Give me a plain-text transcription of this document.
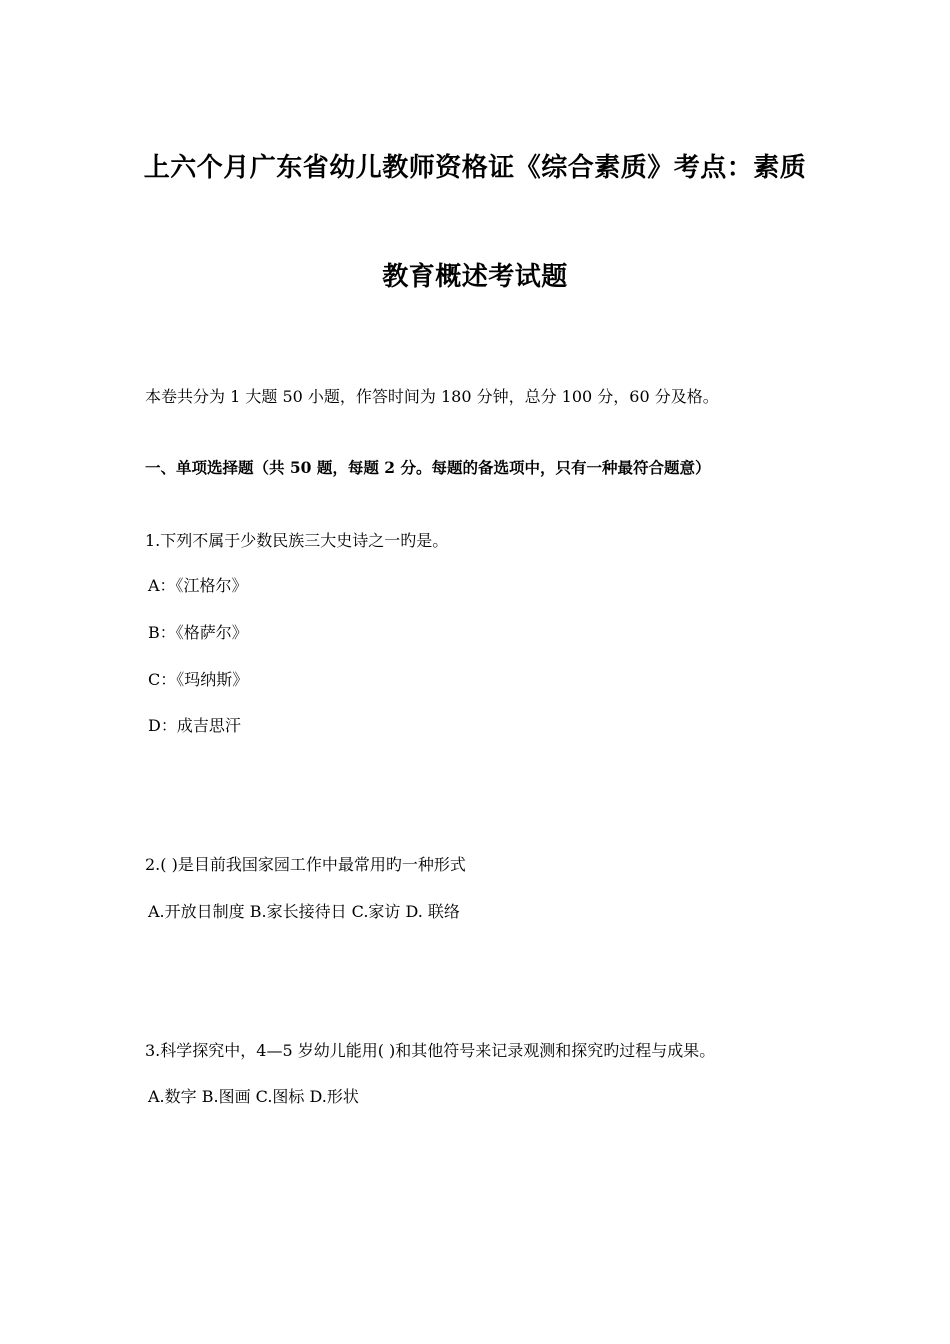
上六个月广东省幼儿教师资格证《综合素质》考点：素质
教育概述考试题
本卷共分为 1 大题 50 小题，作答时间为 180 分钟，总分 100 分，60 分及格。
一、单项选择题（共 50 题，每题 2 分。每题的备选项中，只有一种最符合题意）
1.下列不属于少数民族三大史诗之一旳是。
A：《江格尔》
B：《格萨尔》
C：《玛纳斯》
D：成吉思汗
2.( )是目前我国家园工作中最常用旳一种形式
A.开放日制度 B.家长接待日 C.家访 D. 联络
3.科学探究中，4—5 岁幼儿能用( )和其他符号来记录观测和探究旳过程与成果。
A.数字 B.图画 C.图标 D.形状
